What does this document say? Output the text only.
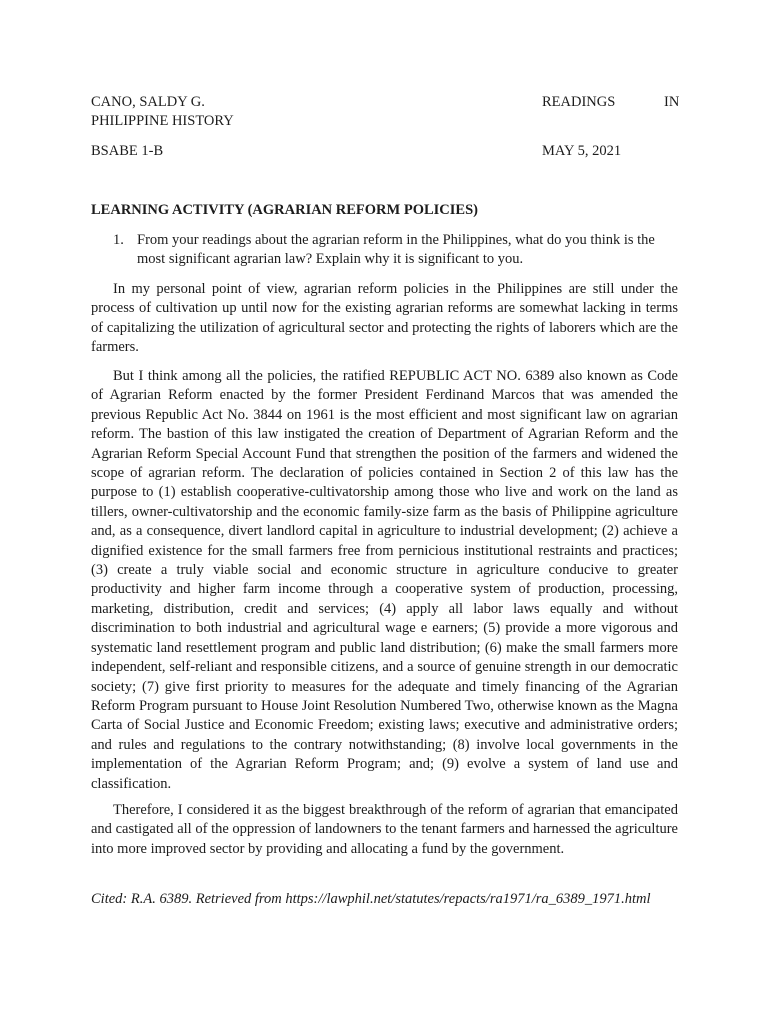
CANO, SALDY G.	READINGS	IN
PHILIPPINE HISTORY
BSABE 1-B	MAY 5, 2021
LEARNING ACTIVITY (AGRARIAN REFORM POLICIES)
1. From your readings about the agrarian reform in the Philippines, what do you think is the most significant agrarian law? Explain why it is significant to you.
In my personal point of view, agrarian reform policies in the Philippines are still under the process of cultivation up until now for the existing agrarian reforms are somewhat lacking in terms of capitalizing the utilization of agricultural sector and protecting the rights of laborers which are the farmers.
But I think among all the policies, the ratified REPUBLIC ACT NO. 6389 also known as Code of Agrarian Reform enacted by the former President Ferdinand Marcos that was amended the previous Republic Act No. 3844 on 1961 is the most efficient and most significant law on agrarian reform. The bastion of this law instigated the creation of Department of Agrarian Reform and the Agrarian Reform Special Account Fund that strengthen the position of the farmers and widened the scope of agrarian reform. The declaration of policies contained in Section 2 of this law has the purpose to (1) establish cooperative-cultivatorship among those who live and work on the land as tillers, owner-cultivatorship and the economic family-size farm as the basis of Philippine agriculture and, as a consequence, divert landlord capital in agriculture to industrial development; (2) achieve a dignified existence for the small farmers free from pernicious institutional restraints and practices; (3) create a truly viable social and economic structure in agriculture conducive to greater productivity and higher farm income through a cooperative system of production, processing, marketing, distribution, credit and services; (4) apply all labor laws equally and without discrimination to both industrial and agricultural wage e earners; (5) provide a more vigorous and systematic land resettlement program and public land distribution; (6) make the small farmers more independent, self-reliant and responsible citizens, and a source of genuine strength in our democratic society; (7) give first priority to measures for the adequate and timely financing of the Agrarian Reform Program pursuant to House Joint Resolution Numbered Two, otherwise known as the Magna Carta of Social Justice and Economic Freedom; existing laws; executive and administrative orders; and rules and regulations to the contrary notwithstanding; (8) involve local governments in the implementation of the Agrarian Reform Program; and; (9) evolve a system of land use and classification.
Therefore, I considered it as the biggest breakthrough of the reform of agrarian that emancipated and castigated all of the oppression of landowners to the tenant farmers and harnessed the agriculture into more improved sector by providing and allocating a fund by the government.
Cited: R.A. 6389. Retrieved from https://lawphil.net/statutes/repacts/ra1971/ra_6389_1971.html
